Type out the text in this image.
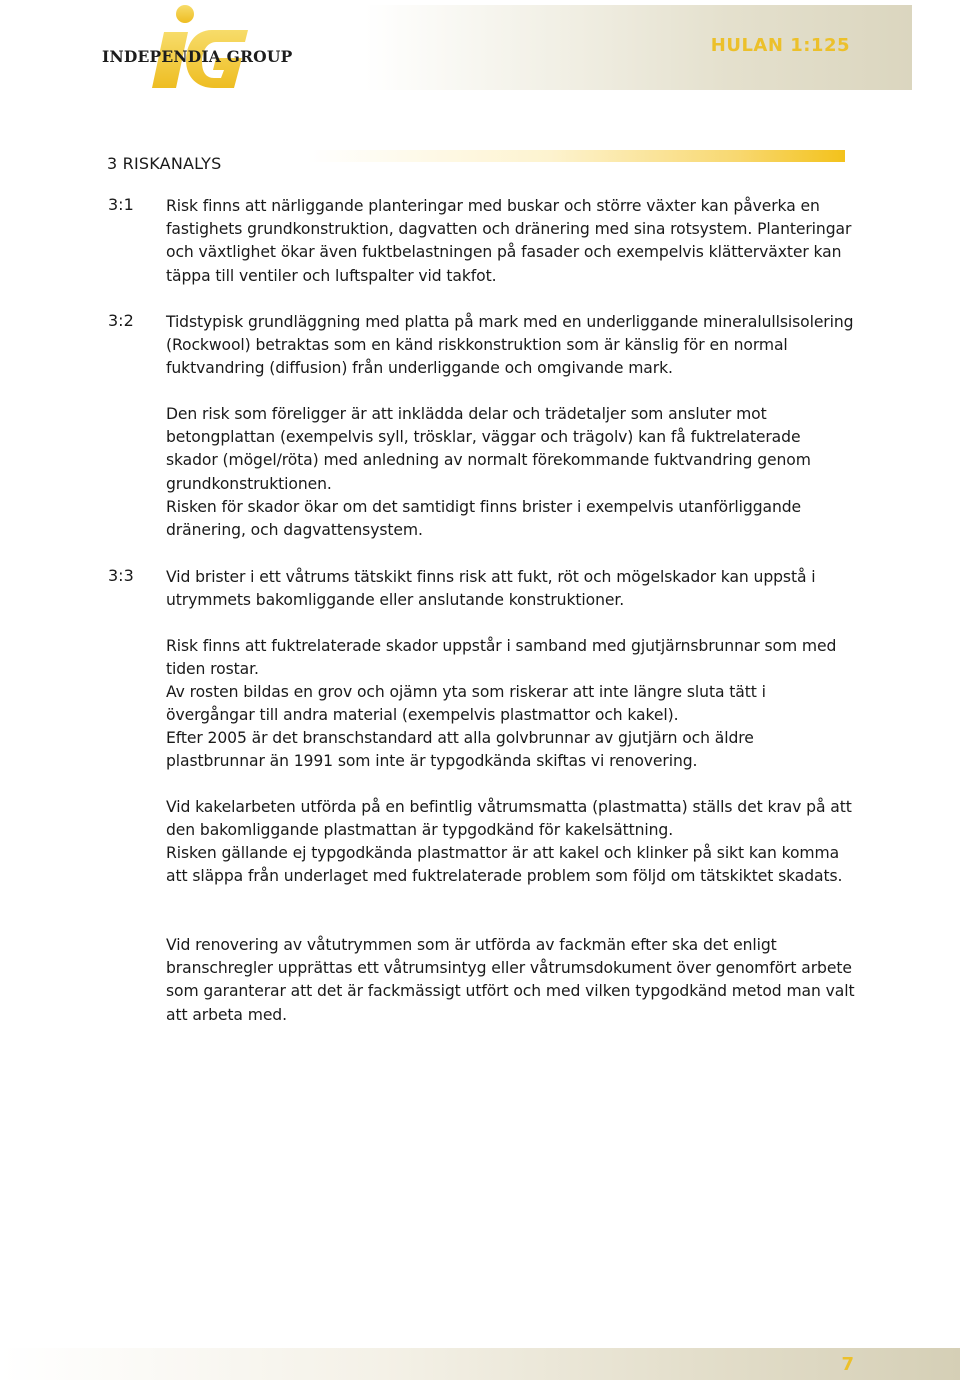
INDEPENDIA GROUP

HULAN 1:125
3 RISKANALYS
3:1 Risk finns att närliggande planteringar med buskar och större växter kan påverka en fastighets grundkonstruktion, dagvatten och dränering med sina rotsystem. Planteringar och växtlighet ökar även fuktbelastningen på fasader och exempelvis klätterväxter kan täppa till ventiler och luftspalter vid takfot.

3:2 Tidstypisk grundläggning med platta på mark med en underliggande mineralullsisolering (Rockwool) betraktas som en känd riskkonstruktion som är känslig för en normal fuktvandring (diffusion) från underliggande och omgivande mark.

Den risk som föreligger är att inklädda delar och trädetaljer som ansluter mot betongplattan (exempelvis syll, trösklar, väggar och trägolv) kan få fuktrelaterade skador (mögel/röta) med anledning av normalt förekommande fuktvandring genom grundkonstruktionen.

Risken för skador ökar om det samtidigt finns brister i exempelvis utanförliggande dränering, och dagvattensystem.

3:3 Vid brister i ett våtrums tätskikt finns risk att fukt, röt och mögelskador kan uppstå i utrymmets bakomliggande eller anslutande konstruktioner.

Risk finns att fuktrelaterade skador uppstår i samband med gjutjärnsbrunnar som med tiden rostar.

Av rosten bildas en grov och ojämn yta som riskerar att inte längre sluta tätt i övergångar till andra material (exempelvis plastmattor och kakel).

Efter 2005 är det branschstandard att alla golvbrunnar av gjutjärn och äldre plastbrunnar än 1991 som inte är typgodkända skiftas vi renovering.

Vid kakelarbeten utförda på en befintlig våtrumsmatta (plastmatta) ställs det krav på att den bakomliggande plastmattan är typgodkänd för kakelsättning.

Risken gällande ej typgodkända plastmattor är att kakel och klinker på sikt kan komma att släppa från underlaget med fuktrelaterade problem som följd om tätskiktet skadats.

Vid renovering av våtutrymmen som är utförda av fackmän efter ska det enligt branschregler upprättas ett våtrumsintyg eller våtrumsdokument över genomfört arbete som garanterar att det är fackmässigt utfört och med vilken typgodkänd metod man valt att arbeta med.

7
